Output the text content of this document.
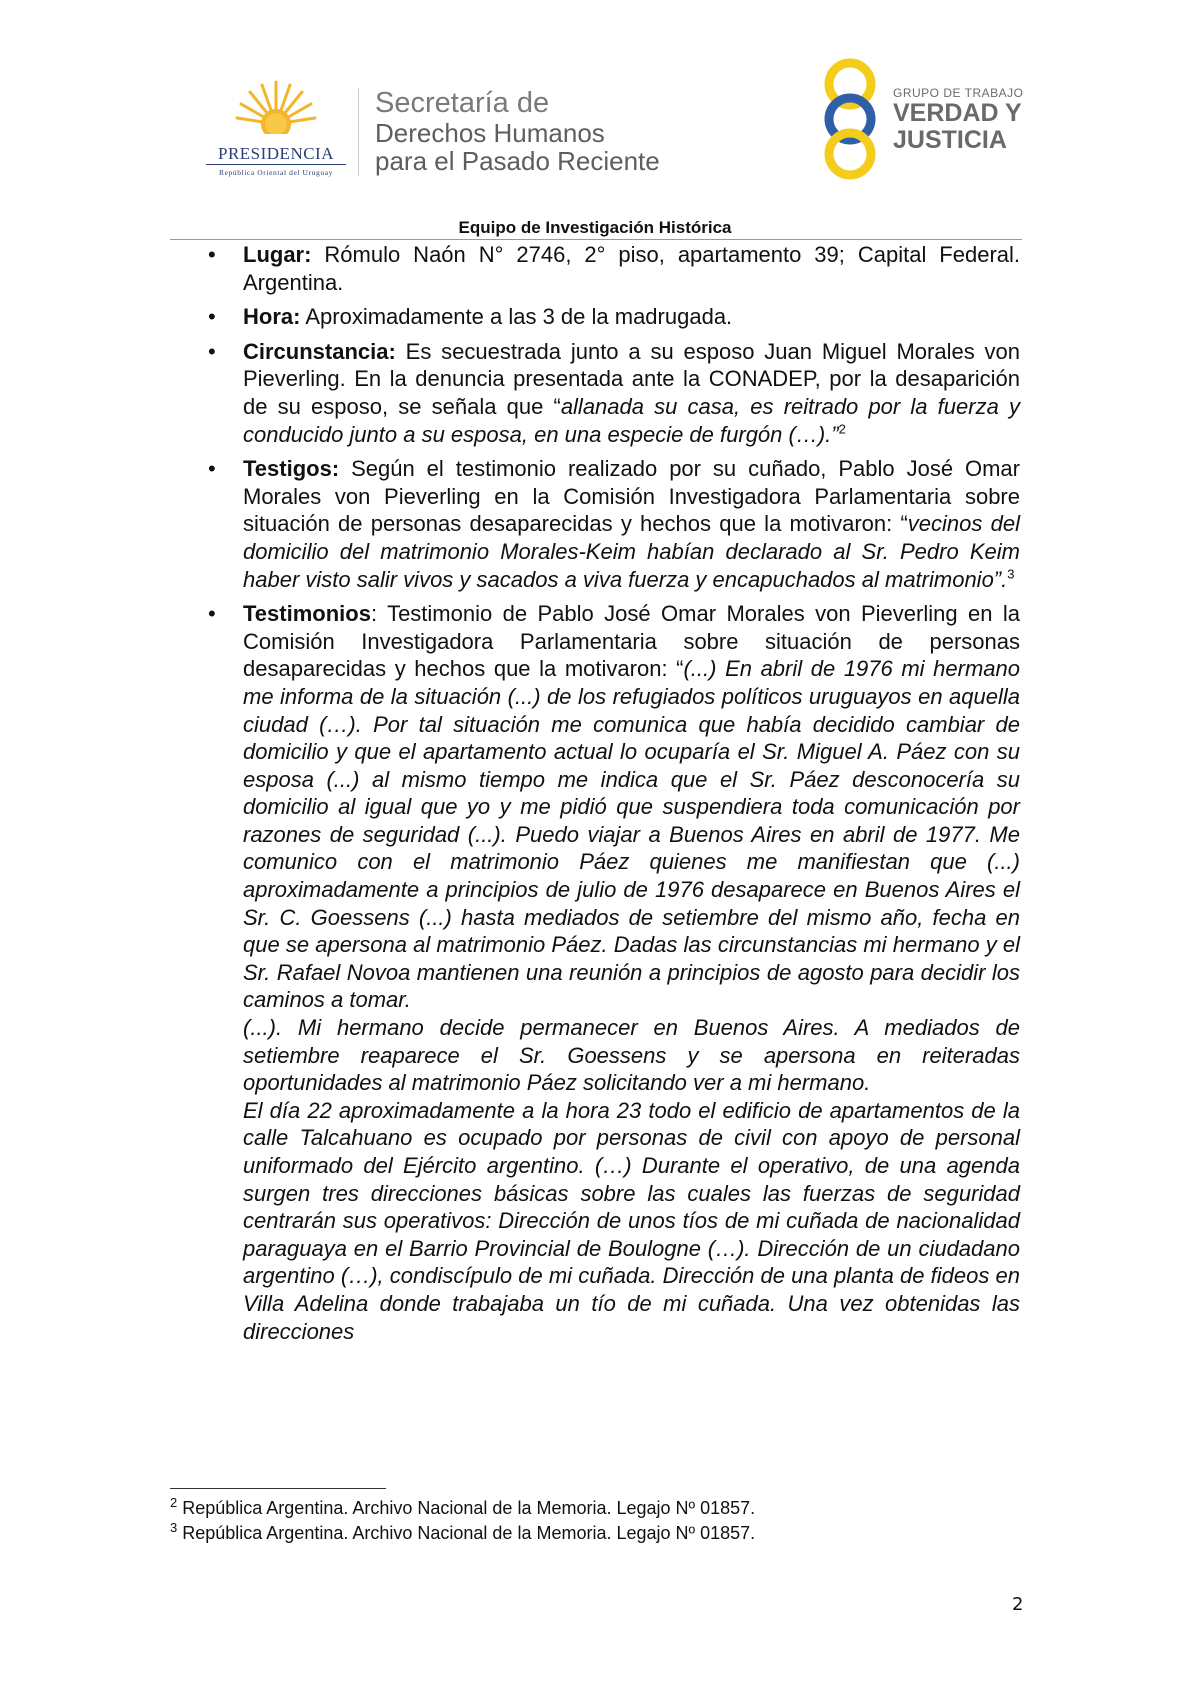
PRESIDENCIA
República Oriental del Uruguay
Secretaría de
Derechos Humanos
para el Pasado Reciente
GRUPO DE TRABAJO
VERDAD Y
JUSTICIA
Equipo de Investigación Histórica
• Lugar: Rómulo Naón N° 2746, 2° piso, apartamento 39; Capital Federal. Argentina.
• Hora: Aproximadamente a las 3 de la madrugada.
• Circunstancia: Es secuestrada junto a su esposo Juan Miguel Morales von Pieverling. En la denuncia presentada ante la CONADEP, por la desaparición de su esposo, se señala que “allanada su casa, es reitrado por la fuerza y conducido junto a su esposa, en una especie de furgón (…).”$^2$
• Testigos: Según el testimonio realizado por su cuñado, Pablo José Omar Morales von Pieverling en la Comisión Investigadora Parlamentaria sobre situación de personas desaparecidas y hechos que la motivaron: “vecinos del domicilio del matrimonio Morales-Keim habían declarado al Sr. Pedro Keim haber visto salir vivos y sacados a viva fuerza y encapuchados al matrimonio”.$^3$
• Testimonios: Testimonio de Pablo José Omar Morales von Pieverling en la Comisión Investigadora Parlamentaria sobre situación de personas desaparecidas y hechos que la motivaron: “(...) En abril de 1976 mi hermano me informa de la situación (...) de los refugiados políticos uruguayos en aquella ciudad (…). Por tal situación me comunica que había decidido cambiar de domicilio y que el apartamento actual lo ocuparía el Sr. Miguel A. Páez con su esposa (...) al mismo tiempo me indica que el Sr. Páez desconocería su domicilio al igual que yo y me pidió que suspendiera toda comunicación por razones de seguridad (...). Puedo viajar a Buenos Aires en abril de 1977. Me comunico con el matrimonio Páez quienes me manifiestan que (...) aproximadamente a principios de julio de 1976 desaparece en Buenos Aires el Sr. C. Goessens (...) hasta mediados de setiembre del mismo año, fecha en que se apersona al matrimonio Páez. Dadas las circunstancias mi hermano y el Sr. Rafael Novoa mantienen una reunión a principios de agosto para decidir los caminos a tomar.
(...). Mi hermano decide permanecer en Buenos Aires. A mediados de setiembre reaparece el Sr. Goessens y se apersona en reiteradas oportunidades al matrimonio Páez solicitando ver a mi hermano.
El día 22 aproximadamente a la hora 23 todo el edificio de apartamentos de la calle Talcahuano es ocupado por personas de civil con apoyo de personal uniformado del Ejército argentino. (…) Durante el operativo, de una agenda surgen tres direcciones básicas sobre las cuales las fuerzas de seguridad centrarán sus operativos: Dirección de unos tíos de mi cuñada de nacionalidad paraguaya en el Barrio Provincial de Boulogne (…). Dirección de un ciudadano argentino (…), condiscípulo de mi cuñada. Dirección de una planta de fideos en Villa Adelina donde trabajaba un tío de mi cuñada. Una vez obtenidas las direcciones
$^2$ República Argentina. Archivo Nacional de la Memoria. Legajo Nº 01857.
$^3$ República Argentina. Archivo Nacional de la Memoria. Legajo Nº 01857.
2
